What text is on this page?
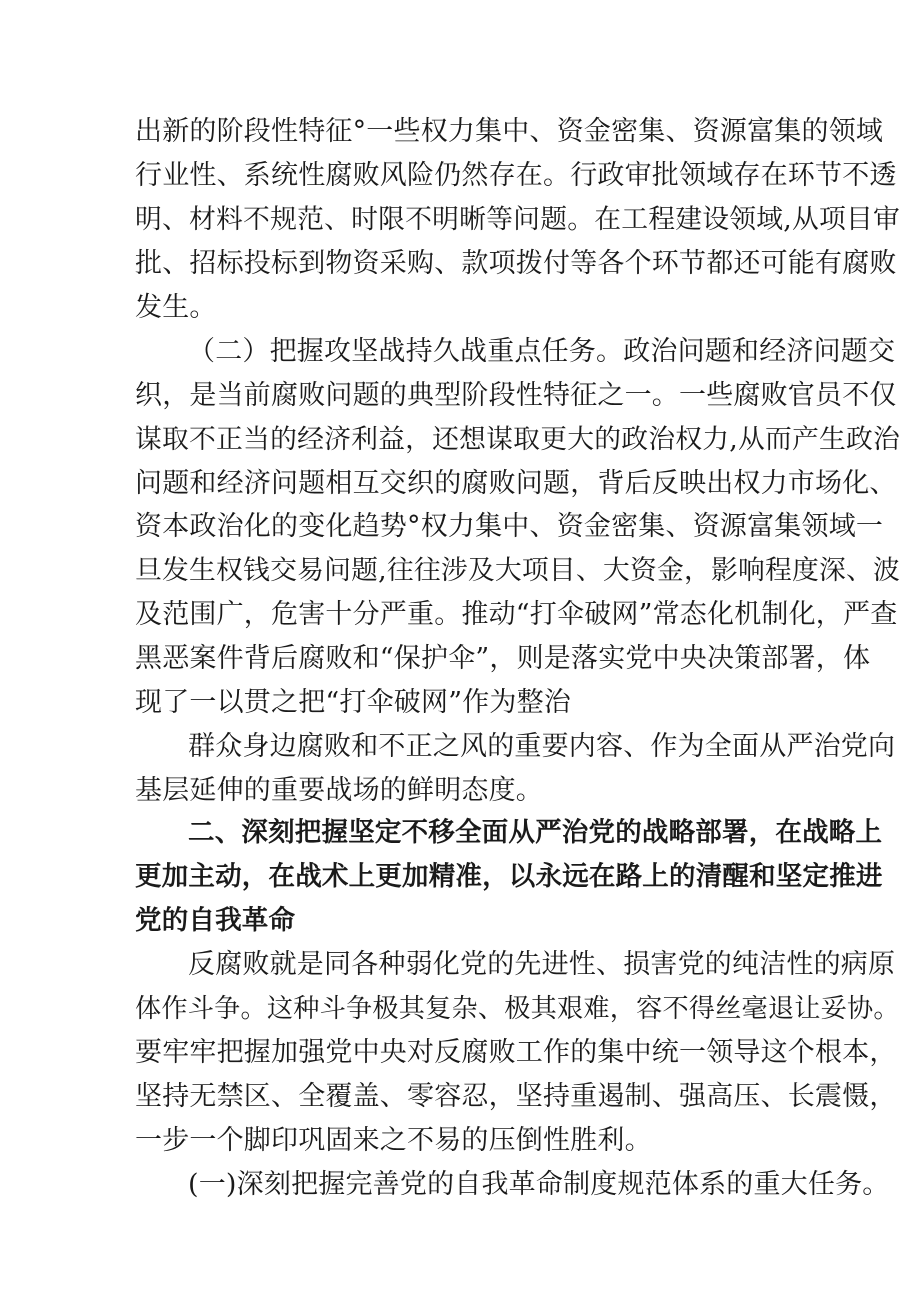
出新的阶段性特征°一些权力集中、资金密集、资源富集的领域
行业性、系统性腐败风险仍然存在。行政审批领域存在环节不透
明、材料不规范、时限不明晰等问题。在工程建设领域,从项目审
批、招标投标到物资采购、款项拨付等各个环节都还可能有腐败
发生。
（二）把握攻坚战持久战重点任务。政治问题和经济问题交
织，是当前腐败问题的典型阶段性特征之一。一些腐败官员不仅
谋取不正当的经济利益，还想谋取更大的政治权力,从而产生政治
问题和经济问题相互交织的腐败问题，背后反映出权力市场化、
资本政治化的变化趋势°权力集中、资金密集、资源富集领域一
旦发生权钱交易问题,往往涉及大项目、大资金，影响程度深、波
及范围广，危害十分严重。推动“打伞破网”常态化机制化，严查
黑恶案件背后腐败和“保护伞”，则是落实党中央决策部署，体
现了一以贯之把“打伞破网”作为整治
群众身边腐败和不正之风的重要内容、作为全面从严治党向
基层延伸的重要战场的鲜明态度。
二、深刻把握坚定不移全面从严治党的战略部署，在战略上
更加主动，在战术上更加精准，以永远在路上的清醒和坚定推进
党的自我革命
反腐败就是同各种弱化党的先进性、损害党的纯洁性的病原
体作斗争。这种斗争极其复杂、极其艰难，容不得丝毫退让妥协。
要牢牢把握加强党中央对反腐败工作的集中统一领导这个根本，
坚持无禁区、全覆盖、零容忍，坚持重遏制、强高压、长震慑，
一步一个脚印巩固来之不易的压倒性胜利。
(一)深刻把握完善党的自我革命制度规范体系的重大任务。
